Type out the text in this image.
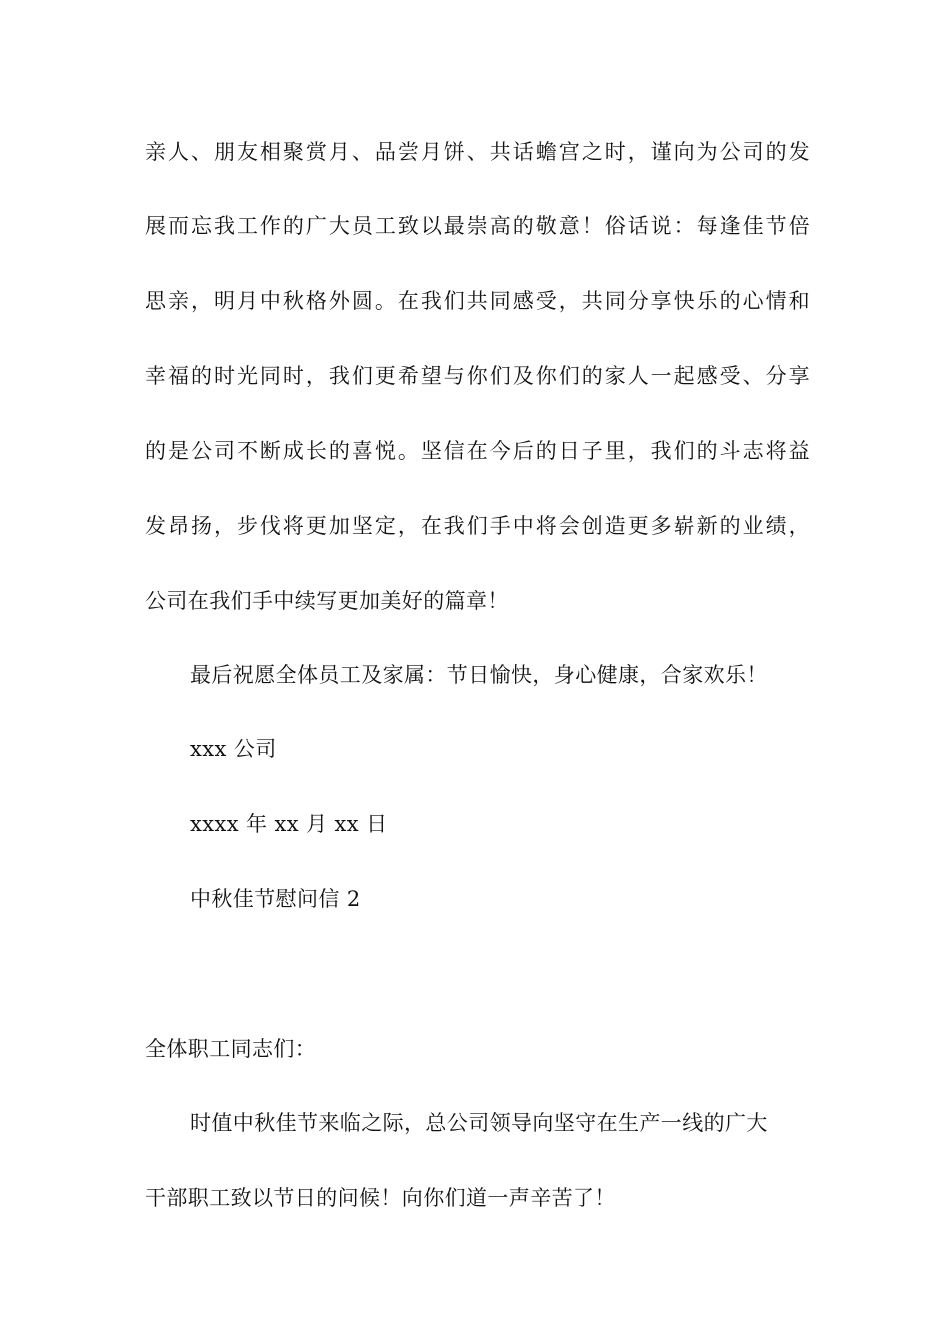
亲人、朋友相聚赏月、品尝月饼、共话蟾宫之时，谨向为公司的发
展而忘我工作的广大员工致以最崇高的敬意！俗话说：每逢佳节倍
思亲，明月中秋格外圆。在我们共同感受，共同分享快乐的心情和
幸福的时光同时，我们更希望与你们及你们的家人一起感受、分享
的是公司不断成长的喜悦。坚信在今后的日子里，我们的斗志将益
发昂扬，步伐将更加坚定，在我们手中将会创造更多崭新的业绩，
公司在我们手中续写更加美好的篇章！
最后祝愿全体员工及家属：节日愉快，身心健康，合家欢乐！
xxx 公司
xxxx 年 xx 月 xx 日
中秋佳节慰问信 2
全体职工同志们：
时值中秋佳节来临之际，总公司领导向坚守在生产一线的广大
干部职工致以节日的问候！向你们道一声辛苦了！
